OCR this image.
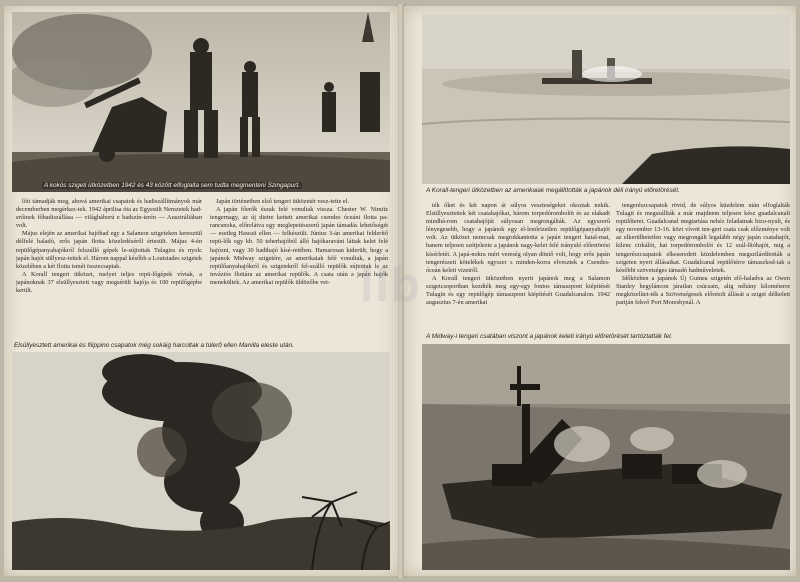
A kokós szigeti ütközetben 1942 és 43 között elfoglalta sem tudta megmenteni Szingapurt.

lőit támadják meg, ahová amerikai csapatok és hadiszállítmányok már decemberben megérkez-tek. 1942 áprilisa óta az Egyesült Nemzetek had-erőinek főhadiszállása — világháború e hadszín-terén — Ausztráliában volt.

Május elején az amerikai hajóhad egy a Salamon szigeteken keresztül délfelé haladó, erős japán flotta közeledéséről értesült. Május 4-én repülőgépanyahajókról felszálló gépek le-sújtottak Tulagira és nyolc japán hajót süllyesz-tettek el. Három nappal később a Louisiades szigetek közelében a két flotta ismét összecsaptak.

A Korall tengeri ütközet, melyet teljes repü-lőgépek vívtak, a japánoknak 37 elsüllyesztett vagy megsérült hajója és 100 repülőgépbe került.

Japán történetben első tengeri ütközetét vesz-tette el.

A japán főerők észak felé vonultak vissza. Chester W. Nimitz tengernagy, az új dietre kettett amerikai csendes óceáni flotta pa-rancsnoka, előrelátva egy meglepetésszerű japán támadás lehetőségét — esetleg Hawaii ellen — felkészült. Június 3-án amerikai felderítő repü-lők egy kb. 50 teherhajóból álló hajókaravánt láttak kelet felé hajózni, vagy 30 hadihajó kísé-retében. Hamarosan kiderült, hogy a japánok Midway szigetére, az amerikaiak felé vonultak, a japán repülőanyahajókról és szigetekről fel-szálló repülők sújtottak le az inváziós flottára az amerikai repülők. A csata után a japán hajók menekültek. Az amerikai repülők üldözőbe vet-

Elsüllyesztett amerikai és filippino csapatok még sokáig harcoltak a túlerő ellen Manilla eleste után.
A Korall-tengeri ütközetben az amerikaiak megállították a japánok déli irányú előretörését.

ték őket és két napon át súlyos veszteségeket okoztak nekik. Elsüllyesztettek két csatahajókat, három torpedórombolót és az elakadt mindhá-rom csatahajóját súlyosan megrongálták. Az egyszerű lényegesebb, hogy a japánok egy el-lenőrizetlen repülőgépanyahajót volt. Az ütközet nemcsak megrokkantotta a japán tengeri hatal-mat, hanem teljesen szétjelezte a japánok nagy-kelet felé irányuló előretörési kísérletét. A japá-nokra mért vereség olyan döntő volt, hogy erős japán tengerészeti kötelékek egyszer s minden-korra elvesztek a Csendes-óceán keleti vizeiről.

A Korall tengeri ütközetben nyerti japánok meg a Salamon szigetcsoportban kezdték meg egy-egy fontos támaszpont kiépítését Tulagin és egy repülőgép támaszpont kiépítését Guadalcanalon. 1942 augusztus 7-én amerikai

tengerészcsapatok rövid, de súlyos küzdelem után elfoglalták Tulagit és megszállták a már majdnem teljesen kész guadalcanali repülőteret. Guadalcanal megtartása nehéz feladatnak bizo-nyult, és egy november 13-16. közt vívott ten-geri csata csak előzménye volt az elkerülhetetlen vagy megrongált legalább négy japán csatahajót, kilenc cirkálót, hat torpedórombolót és 12 szál-lítóhajót, mig a tengerészcsapatok elkeseredett küzdelemben megszilárdították a szigeten nyert állásaikat. Guadalcanal repülőtérre támaszkod-tak a későbbi szövetséges támadó hadműveletek.

Időközben a japánok Új Guinea szigetén elő-haladva az Owen Stanley hegyláncon járatlan csúcsain, alig néhány kilométerre megközelítet-ték a Szövetségesek előretolt állását a sziget délkeleti partján fekvő Port Moresbynál. A

A Midway-i tengeri csatában viszont a japánok keleti irányú előretörését tartóztatták fel.
IIb
